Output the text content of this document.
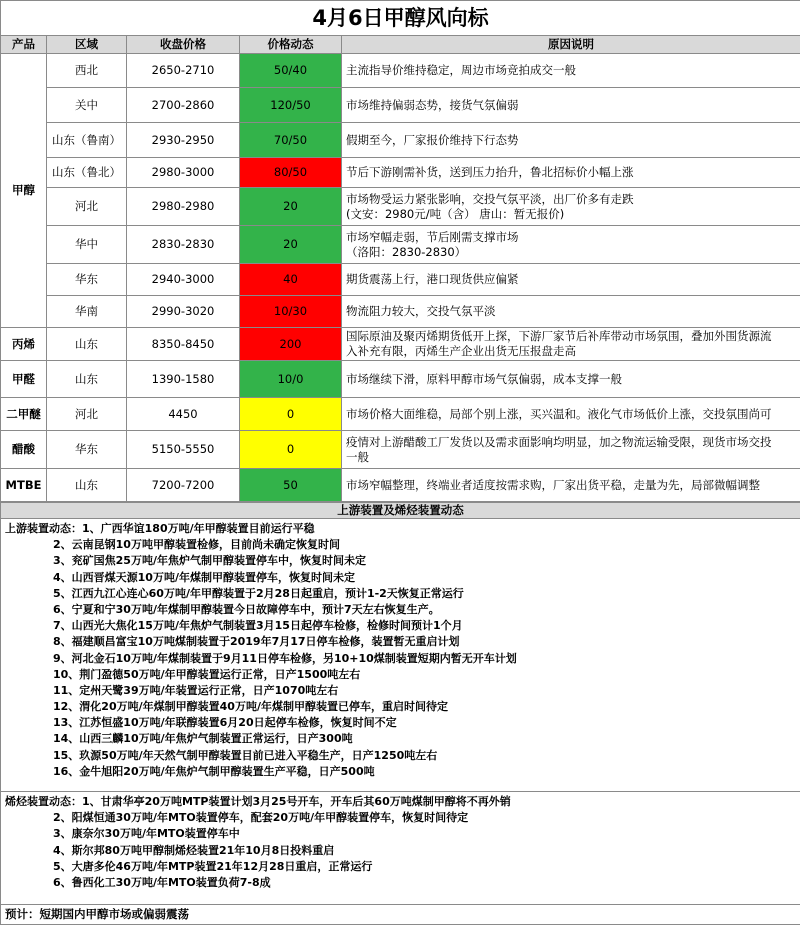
4月6日甲醇风向标				
产品	区域	收盘价格	价格动态	原因说明
甲醇	西北	2650-2710	50/40	主流指导价维持稳定，周边市场竞拍成交一般

	关中	2700-2860	120/50	市场维持偏弱态势，接货气氛偏弱

	山东（鲁南）	2930-2950	70/50	假期至今，厂家报价维持下行态势

	山东（鲁北）	2980-3000	80/50	节后下游刚需补货，送到压力抬升，鲁北招标价小幅上涨

	河北	2980-2980	20	市场物受运力紧张影响，交投气氛平淡，出厂价多有走跌
(文安：2980元/吨（含） 唐山：暂无报价)

	华中	2830-2830	20	市场窄幅走弱，节后刚需支撑市场
（洛阳：2830-2830）

	华东	2940-3000	40	期货震荡上行，港口现货供应偏紧

	华南	2990-3020	10/30	物流阻力较大，交投气氛平淡

丙烯	山东	8350-8450	200	国际原油及聚丙烯期货低开上探，下游厂家节后补库带动市场氛围，叠加外围货源流
入补充有限，丙烯生产企业出货无压报盘走高

甲醛	山东	1390-1580	10/0	市场继续下滑，原料甲醇市场气氛偏弱，成本支撑一般

二甲醚	河北	4450	0	市场价格大面维稳，局部个别上涨，买兴温和。液化气市场低价上涨，交投氛围尚可

醋酸	华东	5150-5550	0	疫情对上游醋酸工厂发货以及需求面影响均明显，加之物流运输受限，现货市场交投
一般

MTBE	山东	7200-7200	50	市场窄幅整理，终端业者适度按需求购，厂家出货平稳，走量为先，局部微幅调整
上游装置及烯烃装置动态

上游装置动态：1、广西华谊180万吨/年甲醇装置目前运行平稳
2、云南昆钢10万吨甲醇装置检修，目前尚未确定恢复时间
3、兖矿国焦25万吨/年焦炉气制甲醇装置停车中，恢复时间未定
4、山西晋煤天源10万吨/年煤制甲醇装置停车，恢复时间未定
5、江西九江心连心60万吨/年甲醇装置于2月28日起重启，预计1-2天恢复正常运行
6、宁夏和宁30万吨/年煤制甲醇装置今日故障停车中，预计7天左右恢复生产。
7、山西光大焦化15万吨/年焦炉气制装置3月15日起停车检修，检修时间预计1个月
8、福建顺昌富宝10万吨煤制装置于2019年7月17日停车检修，装置暂无重启计划
9、河北金石10万吨/年煤制装置于9月11日停车检修，另10+10煤制装置短期内暂无开车计划
10、荆门盈德50万吨/年甲醇装置运行正常，日产1500吨左右
11、定州天鹭39万吨/年装置运行正常，日产1070吨左右
12、渭化20万吨/年煤制甲醇装置40万吨/年煤制甲醇装置已停车，重启时间待定
13、江苏恒盛10万吨/年联醇装置6月20日起停车检修，恢复时间不定
14、山西三麟10万吨/年焦炉气制装置正常运行，日产300吨
15、玖源50万吨/年天然气制甲醇装置目前已进入平稳生产，日产1250吨左右
16、金牛旭阳20万吨/年焦炉气制甲醇装置生产平稳，日产500吨

烯烃装置动态：1、甘肃华亭20万吨MTP装置计划3月25号开车，开车后其60万吨煤制甲醇将不再外销
2、阳煤恒通30万吨/年MTO装置停车，配套20万吨/年甲醇装置停车，恢复时间待定
3、康奈尔30万吨/年MTO装置停车中
4、斯尔邦80万吨甲醇制烯烃装置21年10月8日投料重启
5、大唐多伦46万吨/年MTP装置21年12月28日重启，正常运行
6、鲁西化工30万吨/年MTO装置负荷7-8成

预计：短期国内甲醇市场或偏弱震荡
